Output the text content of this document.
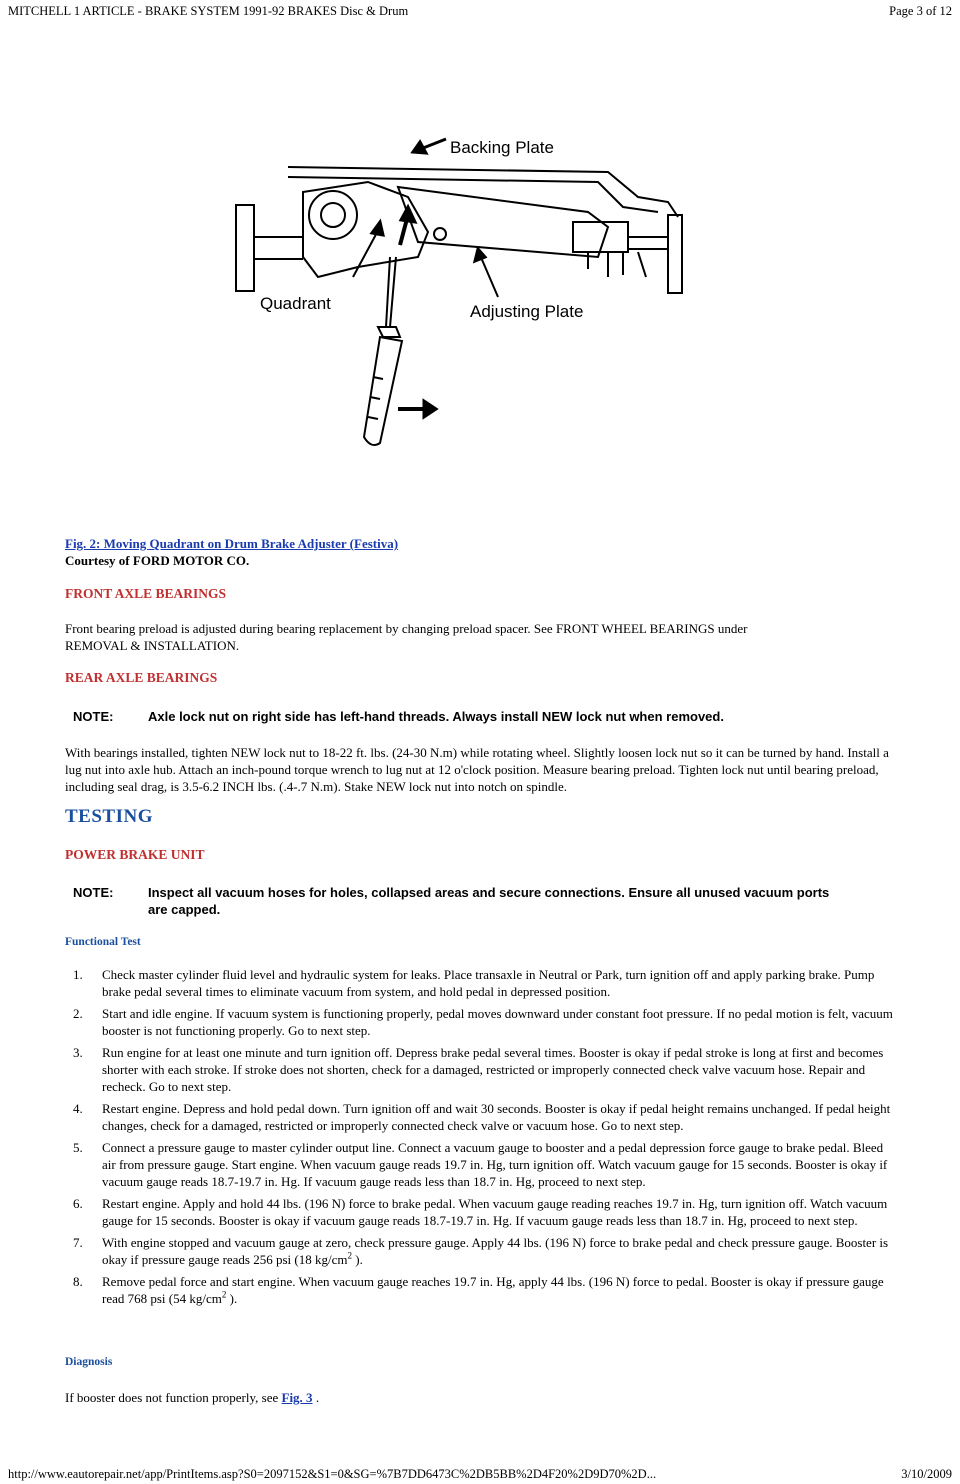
MITCHELL 1 ARTICLE - BRAKE SYSTEM 1991-92 BRAKES Disc & Drum	Page 3 of 12
Backing Plate
Quadrant	Adjusting Plate
Fig. 2: Moving Quadrant on Drum Brake Adjuster (Festiva)
Courtesy of FORD MOTOR CO.
FRONT AXLE BEARINGS
Front bearing preload is adjusted during bearing replacement by changing preload spacer. See FRONT WHEEL BEARINGS under
REMOVAL & INSTALLATION.
REAR AXLE BEARINGS
NOTE:	Axle lock nut on right side has left-hand threads. Always install NEW lock nut when removed.
With bearings installed, tighten NEW lock nut to 18-22 ft. lbs. (24-30 N.m) while rotating wheel. Slightly loosen lock nut so it can be turned by hand. Install a lug nut into axle hub. Attach an inch-pound torque wrench to lug nut at 12 o'clock position. Measure bearing preload. Tighten lock nut until bearing preload, including seal drag, is 3.5-6.2 INCH lbs. (.4-.7 N.m). Stake NEW lock nut into notch on spindle.
TESTING
POWER BRAKE UNIT
NOTE:	Inspect all vacuum hoses for holes, collapsed areas and secure connections. Ensure all unused vacuum ports are capped.
Functional Test
1. Check master cylinder fluid level and hydraulic system for leaks. Place transaxle in Neutral or Park, turn ignition off and apply parking brake. Pump brake pedal several times to eliminate vacuum from system, and hold pedal in depressed position.
2. Start and idle engine. If vacuum system is functioning properly, pedal moves downward under constant foot pressure. If no pedal motion is felt, vacuum booster is not functioning properly. Go to next step.
3. Run engine for at least one minute and turn ignition off. Depress brake pedal several times. Booster is okay if pedal stroke is long at first and becomes shorter with each stroke. If stroke does not shorten, check for a damaged, restricted or improperly connected check valve vacuum hose. Repair and recheck. Go to next step.
4. Restart engine. Depress and hold pedal down. Turn ignition off and wait 30 seconds. Booster is okay if pedal height remains unchanged. If pedal height changes, check for a damaged, restricted or improperly connected check valve or vacuum hose. Go to next step.
5. Connect a pressure gauge to master cylinder output line. Connect a vacuum gauge to booster and a pedal depression force gauge to brake pedal. Bleed air from pressure gauge. Start engine. When vacuum gauge reads 19.7 in. Hg, turn ignition off. Watch vacuum gauge for 15 seconds. Booster is okay if vacuum gauge reads 18.7-19.7 in. Hg. If vacuum gauge reads less than 18.7 in. Hg, proceed to next step.
6. Restart engine. Apply and hold 44 lbs. (196 N) force to brake pedal. When vacuum gauge reading reaches 19.7 in. Hg, turn ignition off. Watch vacuum gauge for 15 seconds. Booster is okay if vacuum gauge reads 18.7-19.7 in. Hg. If vacuum gauge reads less than 18.7 in. Hg, proceed to next step.
7. With engine stopped and vacuum gauge at zero, check pressure gauge. Apply 44 lbs. (196 N) force to brake pedal and check pressure gauge. Booster is okay if pressure gauge reads 256 psi (18 $kg/cm^2$ ).
8. Remove pedal force and start engine. When vacuum gauge reaches 19.7 in. Hg, apply 44 lbs. (196 N) force to pedal. Booster is okay if pressure gauge read 768 psi (54 $kg/cm^2$ ).
Diagnosis
If booster does not function properly, see Fig. 3 .
http://www.eautorepair.net/app/PrintItems.asp?S0=2097152&S1=0&SG=%7B7DD6473C%2DB5BB%2D4F20%2D9D70%2D...	3/10/2009
